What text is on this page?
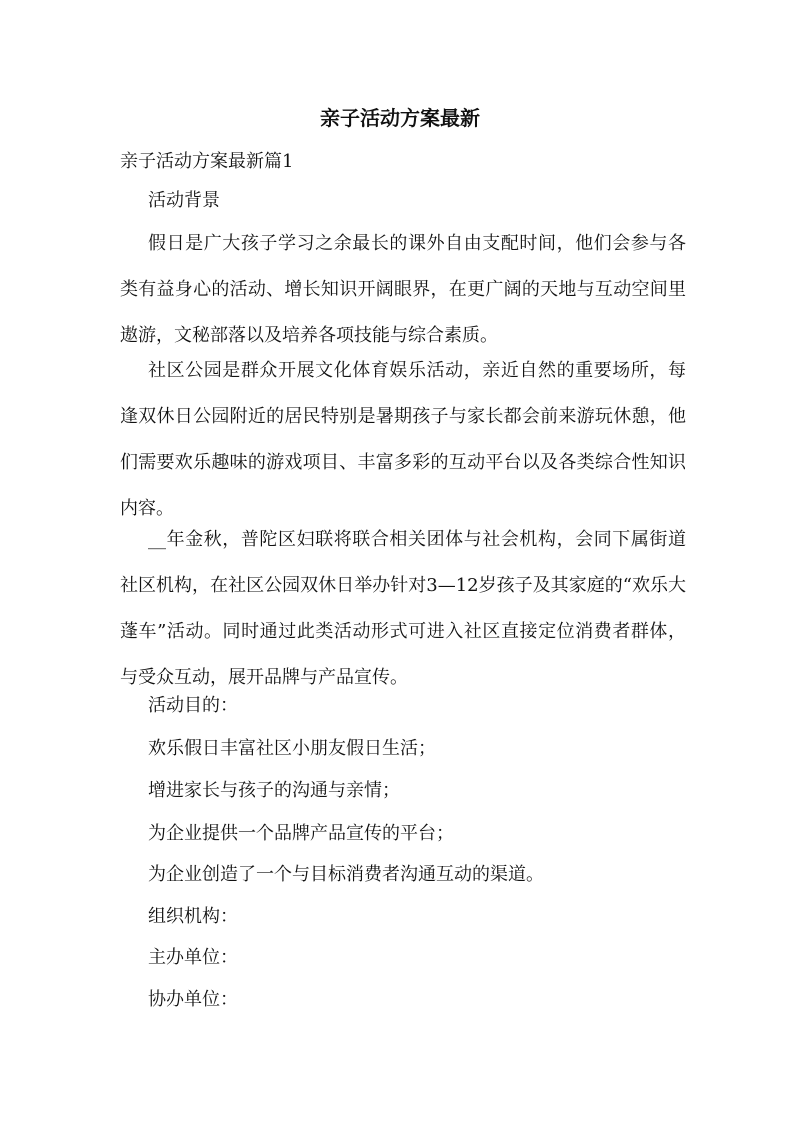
亲子活动方案最新

亲子活动方案最新篇1

活动背景

假日是广大孩子学习之余最长的课外自由支配时间，他们会参与各类有益身心的活动、增长知识开阔眼界，在更广阔的天地与互动空间里遨游，文秘部落以及培养各项技能与综合素质。

社区公园是群众开展文化体育娱乐活动，亲近自然的重要场所，每逢双休日公园附近的居民特别是暑期孩子与家长都会前来游玩休憩，他们需要欢乐趣味的游戏项目、丰富多彩的互动平台以及各类综合性知识内容。

__年金秋，普陀区妇联将联合相关团体与社会机构，会同下属街道社区机构，在社区公园双休日举办针对3—12岁孩子及其家庭的“欢乐大蓬车”活动。同时通过此类活动形式可进入社区直接定位消费者群体，与受众互动，展开品牌与产品宣传。

活动目的：

欢乐假日丰富社区小朋友假日生活；

增进家长与孩子的沟通与亲情；

为企业提供一个品牌产品宣传的平台；

为企业创造了一个与目标消费者沟通互动的渠道。

组织机构：

主办单位：

协办单位：
